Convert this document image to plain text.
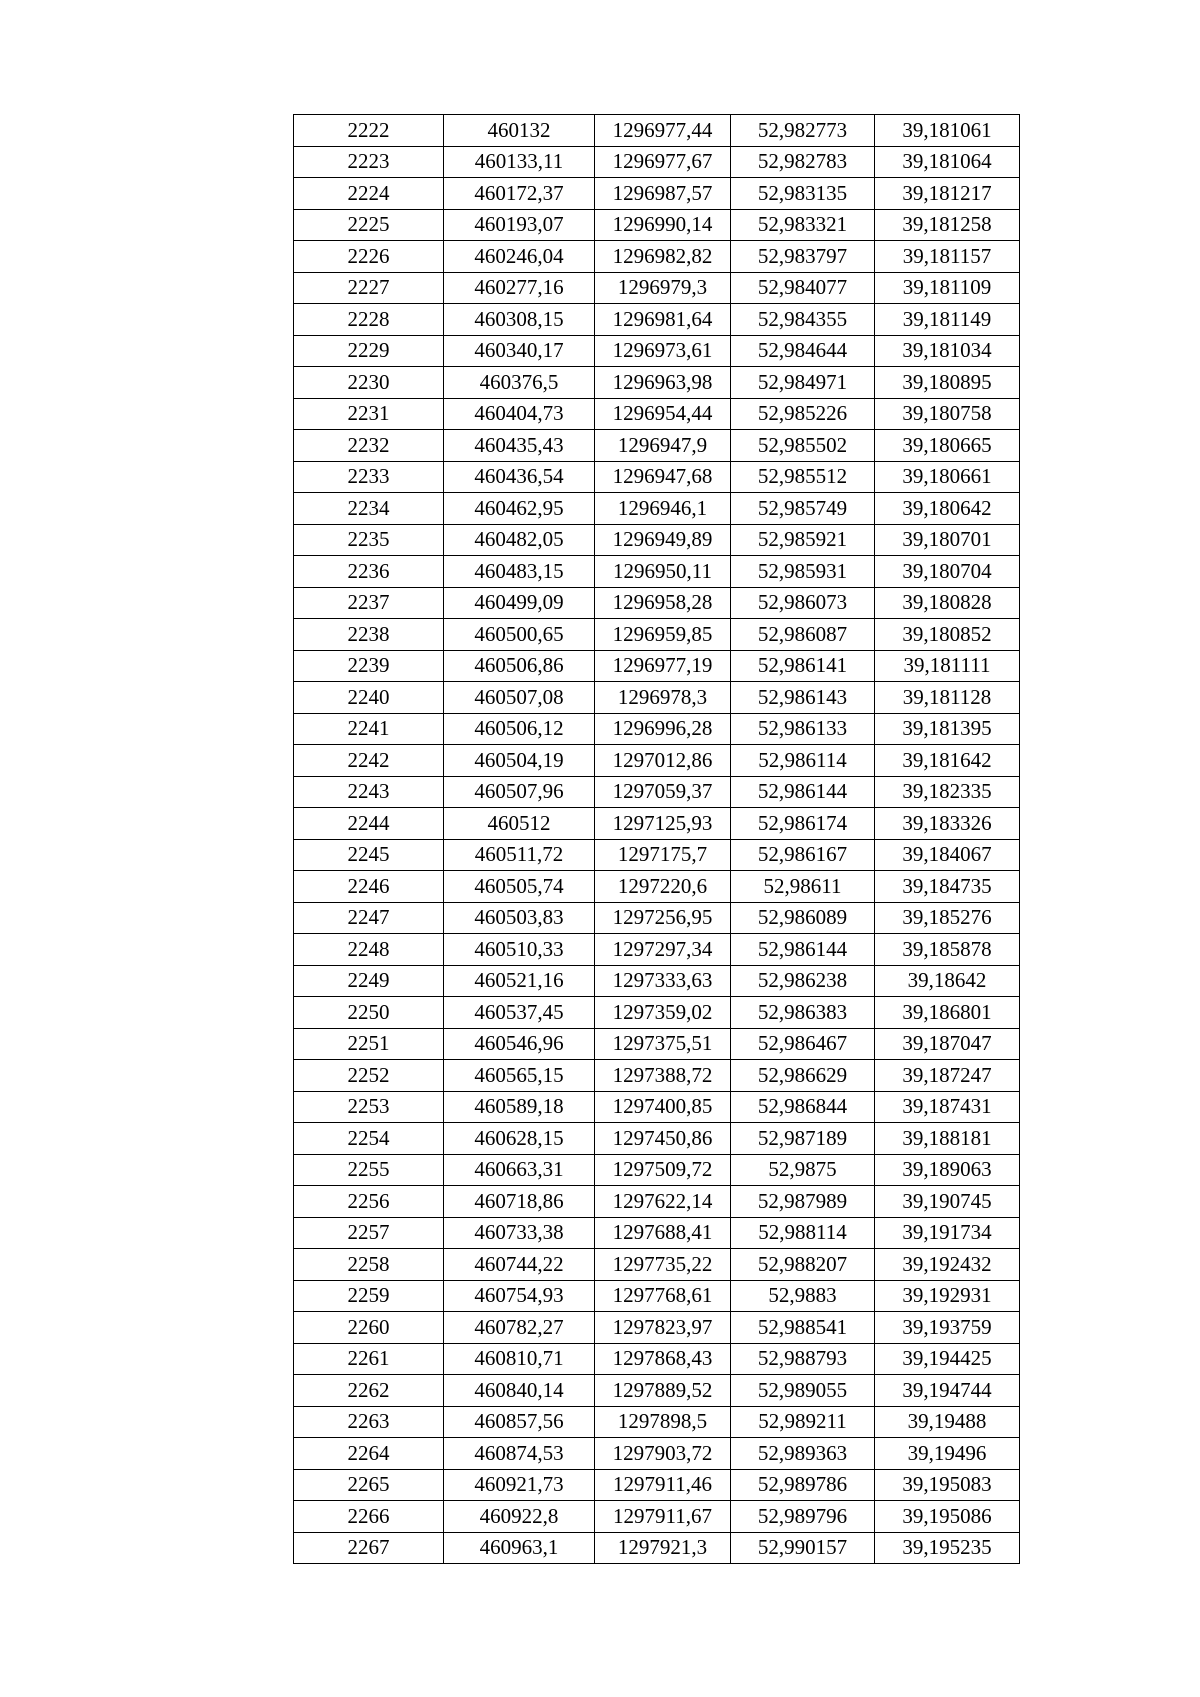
2222	460132	1296977,44	52,982773	39,181061
2223	460133,11	1296977,67	52,982783	39,181064
2224	460172,37	1296987,57	52,983135	39,181217
2225	460193,07	1296990,14	52,983321	39,181258
2226	460246,04	1296982,82	52,983797	39,181157
2227	460277,16	1296979,3	52,984077	39,181109
2228	460308,15	1296981,64	52,984355	39,181149
2229	460340,17	1296973,61	52,984644	39,181034
2230	460376,5	1296963,98	52,984971	39,180895
2231	460404,73	1296954,44	52,985226	39,180758
2232	460435,43	1296947,9	52,985502	39,180665
2233	460436,54	1296947,68	52,985512	39,180661
2234	460462,95	1296946,1	52,985749	39,180642
2235	460482,05	1296949,89	52,985921	39,180701
2236	460483,15	1296950,11	52,985931	39,180704
2237	460499,09	1296958,28	52,986073	39,180828
2238	460500,65	1296959,85	52,986087	39,180852
2239	460506,86	1296977,19	52,986141	39,181111
2240	460507,08	1296978,3	52,986143	39,181128
2241	460506,12	1296996,28	52,986133	39,181395
2242	460504,19	1297012,86	52,986114	39,181642
2243	460507,96	1297059,37	52,986144	39,182335
2244	460512	1297125,93	52,986174	39,183326
2245	460511,72	1297175,7	52,986167	39,184067
2246	460505,74	1297220,6	52,98611	39,184735
2247	460503,83	1297256,95	52,986089	39,185276
2248	460510,33	1297297,34	52,986144	39,185878
2249	460521,16	1297333,63	52,986238	39,18642
2250	460537,45	1297359,02	52,986383	39,186801
2251	460546,96	1297375,51	52,986467	39,187047
2252	460565,15	1297388,72	52,986629	39,187247
2253	460589,18	1297400,85	52,986844	39,187431
2254	460628,15	1297450,86	52,987189	39,188181
2255	460663,31	1297509,72	52,9875	39,189063
2256	460718,86	1297622,14	52,987989	39,190745
2257	460733,38	1297688,41	52,988114	39,191734
2258	460744,22	1297735,22	52,988207	39,192432
2259	460754,93	1297768,61	52,9883	39,192931
2260	460782,27	1297823,97	52,988541	39,193759
2261	460810,71	1297868,43	52,988793	39,194425
2262	460840,14	1297889,52	52,989055	39,194744
2263	460857,56	1297898,5	52,989211	39,19488
2264	460874,53	1297903,72	52,989363	39,19496
2265	460921,73	1297911,46	52,989786	39,195083
2266	460922,8	1297911,67	52,989796	39,195086
2267	460963,1	1297921,3	52,990157	39,195235
